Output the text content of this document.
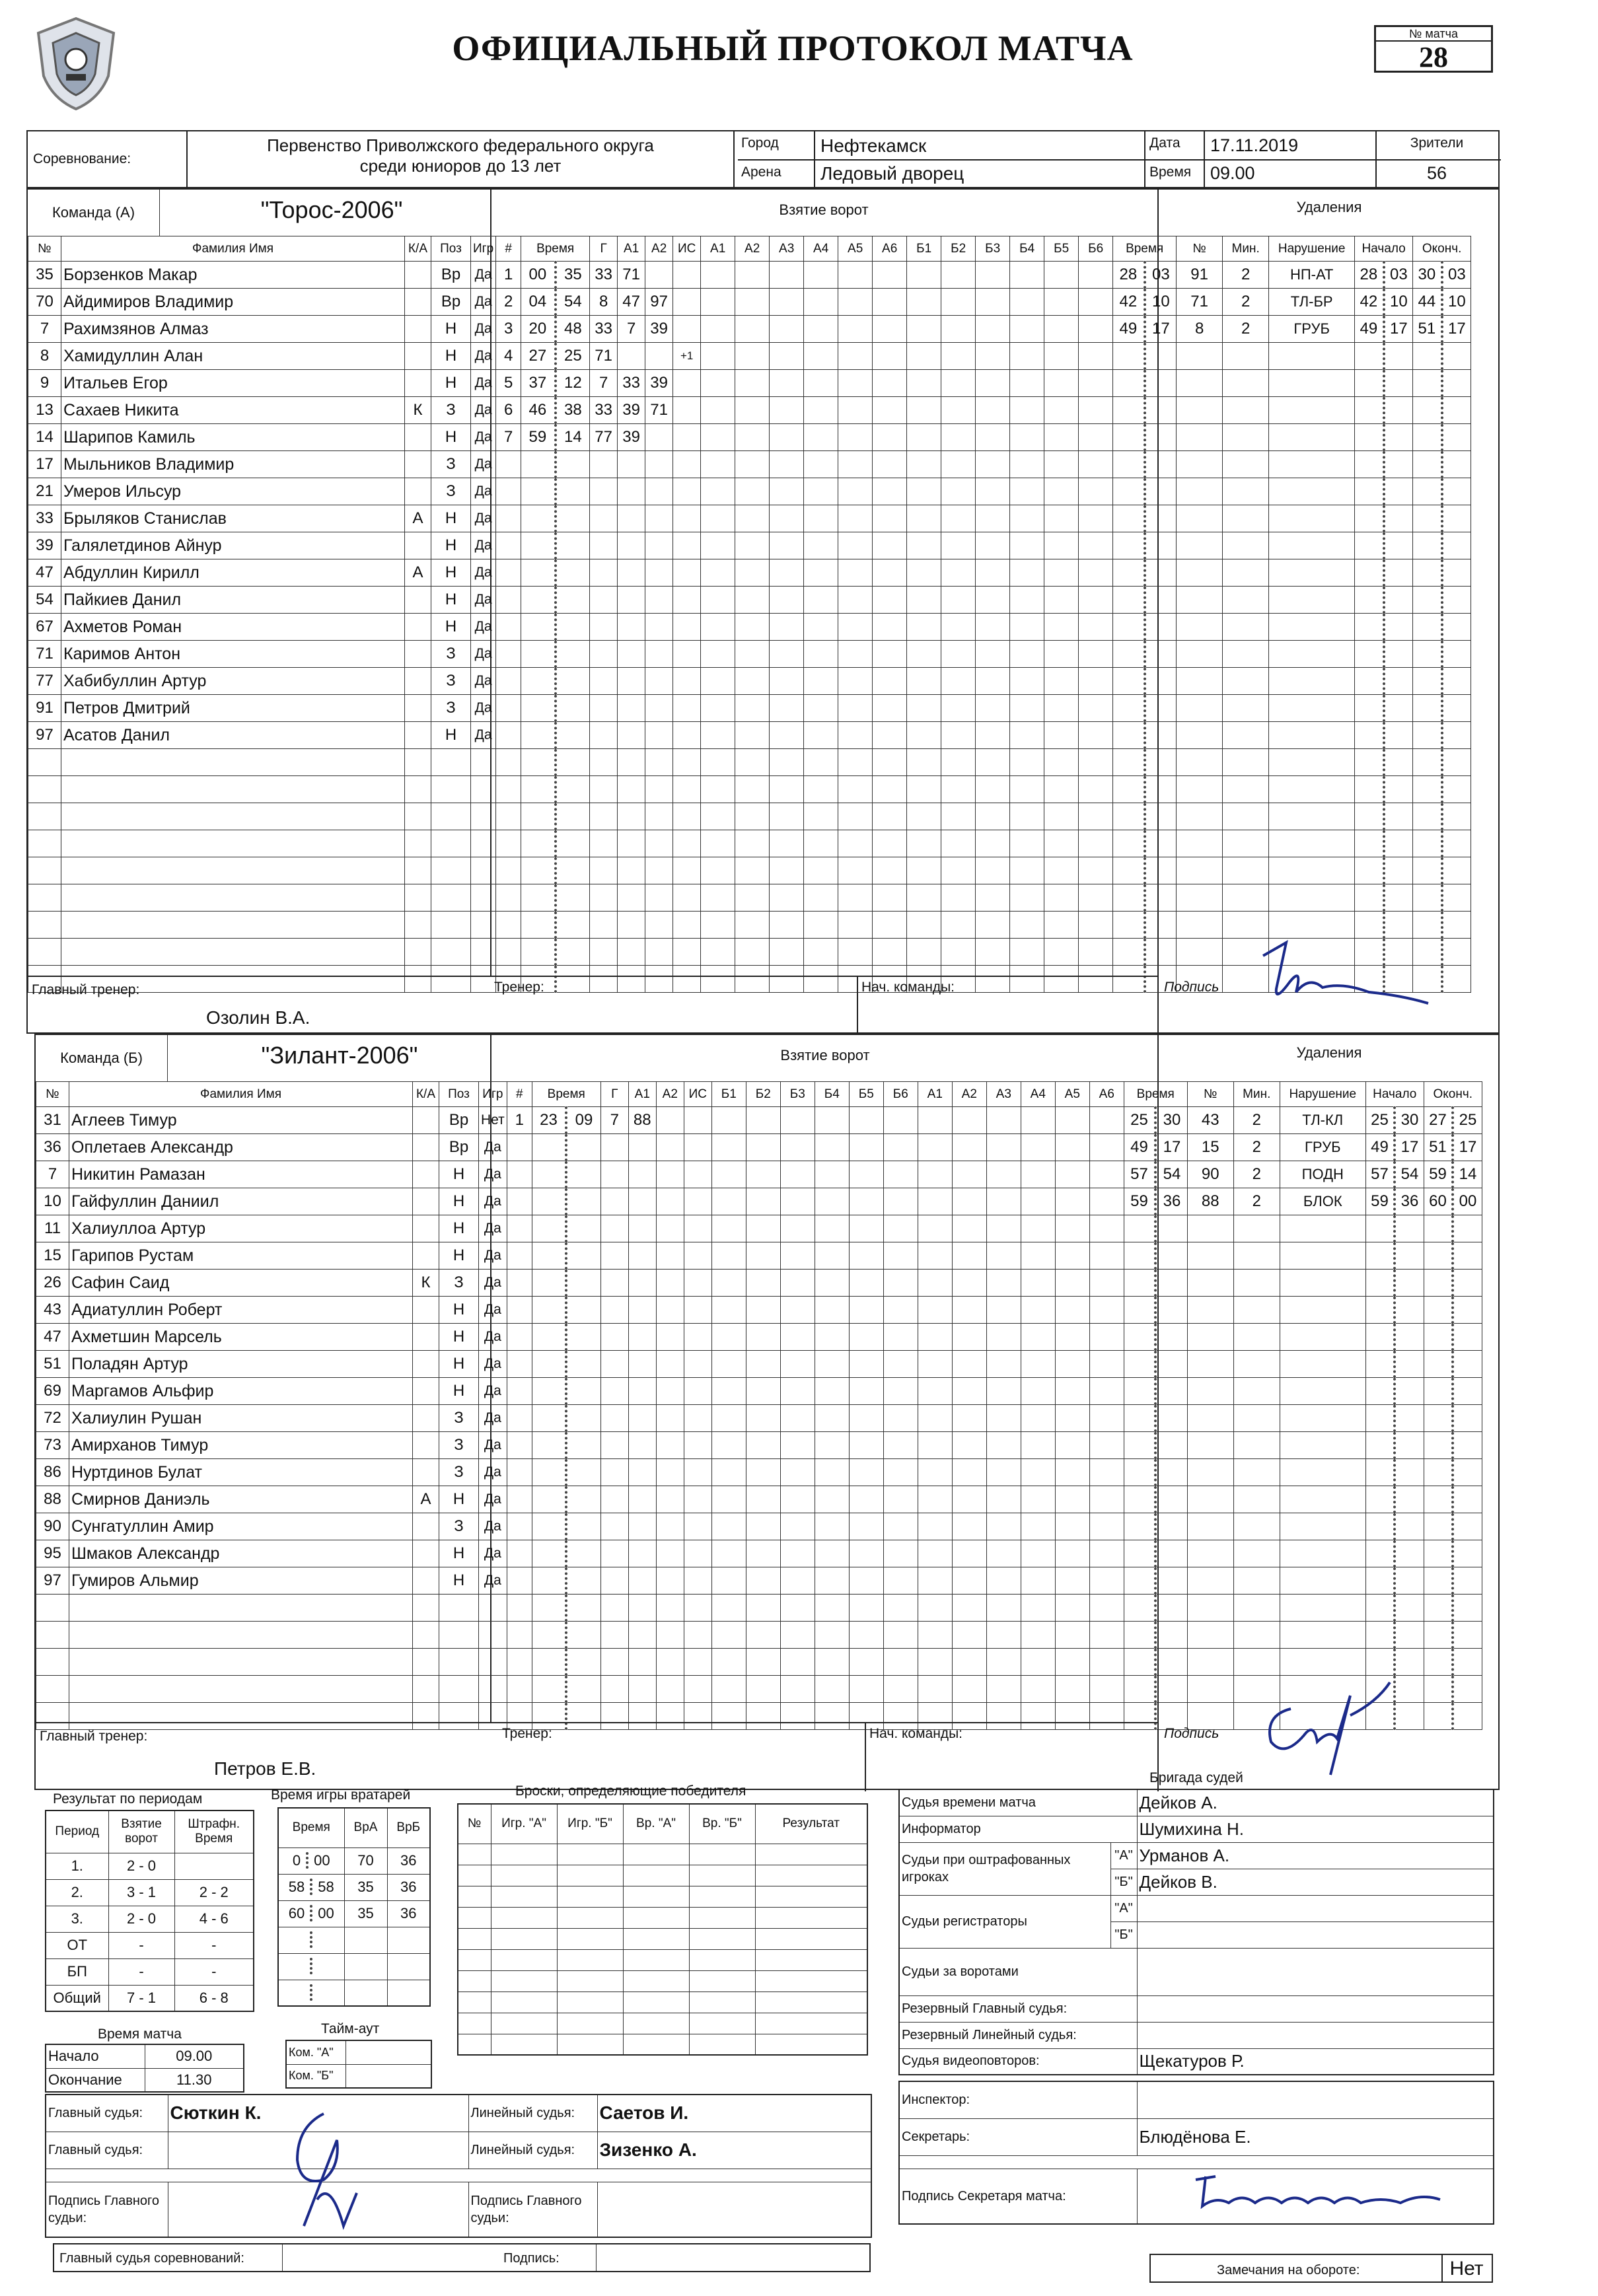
ОФИЦИАЛЬНЫЙ ПРОТОКОЛ МАТЧА	№ матча
28
Соревнование:
Первенство Приволжского федерального округа
среди юниоров до 13 лет
Город
Арена
Нефтекамск
Ледовый дворец
Дата
Время
17.11.2019
09.00
Зрители
56
Команда (А)	"Торос-2006"	Взятие ворот	Удаления
№	Фамилия Имя	К/А	Поз	Игр	#	Время		Г	А1	А2	ИС	А1	А2	А3	А4	А5	А6	Б1	Б2	Б3	Б4	Б5	Б6	Время		№	Мин.	Нарушение	Начало		Оконч.	
35	Борзенков Макар		Вр	Да	1	00	35	33	71															28	03	91	2	НП-АТ	28	03	30	03
70	Айдимиров Владимир		Вр	Да	2	04	54	8	47	97														42	10	71	2	ТЛ-БР	42	10	44	10
7	Рахимзянов Алмаз		Н	Да	3	20	48	33	7	39														49	17	8	2	ГРУБ	49	17	51	17
8	Хамидуллин Алан		Н	Да	4	27	25	71			+1																					
9	Итальев Егор		Н	Да	5	37	12	7	33	39																						
13	Сахаев Никита	К	З	Да	6	46	38	33	39	71																						
14	Шарипов Камиль		Н	Да	7	59	14	77	39																							
17	Мыльников Владимир		З	Да																												
21	Умеров Ильсур		З	Да																												
33	Брыляков Станислав	А	Н	Да																												
39	Галялетдинов Айнур		Н	Да																												
47	Абдуллин Кирилл	А	Н	Да																												
54	Пайкиев Данил		Н	Да																												
67	Ахметов Роман		Н	Да																												
71	Каримов Антон		З	Да																												
77	Хабибуллин Артур		З	Да																												
91	Петров Дмитрий		З	Да																												
97	Асатов Данил		Н	Да																												

Главный тренер:
Озолин В.А.
Тренер:	Нач. команды:	Подпись
Команда (Б)	"Зилант-2006"	Взятие ворот	Удаления
№	Фамилия Имя	К/А	Поз	Игр	#	Время		Г	А1	А2	ИС	Б1	Б2	Б3	Б4	Б5	Б6	А1	А2	А3	А4	А5	А6	Время		№	Мин.	Нарушение	Начало		Оконч.	
31	Аглеев Тимур		Вр	Нет	1	23	09	7	88															25	30	43	2	ТЛ-КЛ	25	30	27	25
36	Оплетаев Александр		Вр	Да																				49	17	15	2	ГРУБ	49	17	51	17
7	Никитин Рамазан		Н	Да																				57	54	90	2	ПОДН	57	54	59	14
10	Гайфуллин Даниил		Н	Да																				59	36	88	2	БЛОК	59	36	60	00
11	Халиуллоа Артур		Н	Да																												
15	Гарипов Рустам		Н	Да																												
26	Сафин Саид	К	З	Да																												
43	Адиатуллин Роберт		Н	Да																												
47	Ахметшин Марсель		Н	Да																												
51	Поладян Артур		Н	Да																												
69	Маргамов Альфир		Н	Да																												
72	Халиулин Рушан		З	Да																												
73	Амирханов Тимур		З	Да																												
86	Нуртдинов Булат		З	Да																												
88	Смирнов Даниэль	А	Н	Да																												
90	Сунгатуллин Амир		З	Да																												
95	Шмаков Александр		Н	Да																												
97	Гумиров Альмир		Н	Да																												

Главный тренер:
Петров Е.В.
Тренер:	Нач. команды:	Подпись
Результат по периодам
Период	Взятие ворот	Штрафн. Время
1.	2 - 0	
2.	3 - 1	2 - 2
3.	2 - 0	4 - 6
ОТ	-	-
БП	-	-
Общий	7 - 1	6 - 8
Время игры вратарей
Время	ВрА	ВрБ
0 00	70	36
58 58	35	36
60 00	35	36

Броски, определяющие победителя
№	Игр. "А"	Игр. "Б"	Вр. "А"	Вр. "Б"	Результат

Время матча
Начало	09.00
Окончание	11.30
Тайм-аут
Ком. "А"	
Ком. "Б"	
Бригада судей
Судья времени матча		Дейков А.
Информатор		Шумихина Н.
Судьи при оштрафованных игроках	"А"	Урманов А.
	"Б"	Дейков В.
Судьи регистраторы	"А"	
	"Б"	
Судьи за воротами		
Резервный Главный судья:		
Резервный Линейный судья:		
Судья видеоповторов:		Щекатуров Р.
Главный судья:	Сюткин К.	Линейный судья:	Саетов И.
Главный судья:		Линейный судья:	Зизенко А.

Подпись Главного судьи:		Подпись Главного судьи:	
Главный судья соревнований:	Подпись:
Инспектор:	
Секретарь:	Блюдёнова Е.

Подпись Секретаря матча:	
Замечания на обороте:	Нет
